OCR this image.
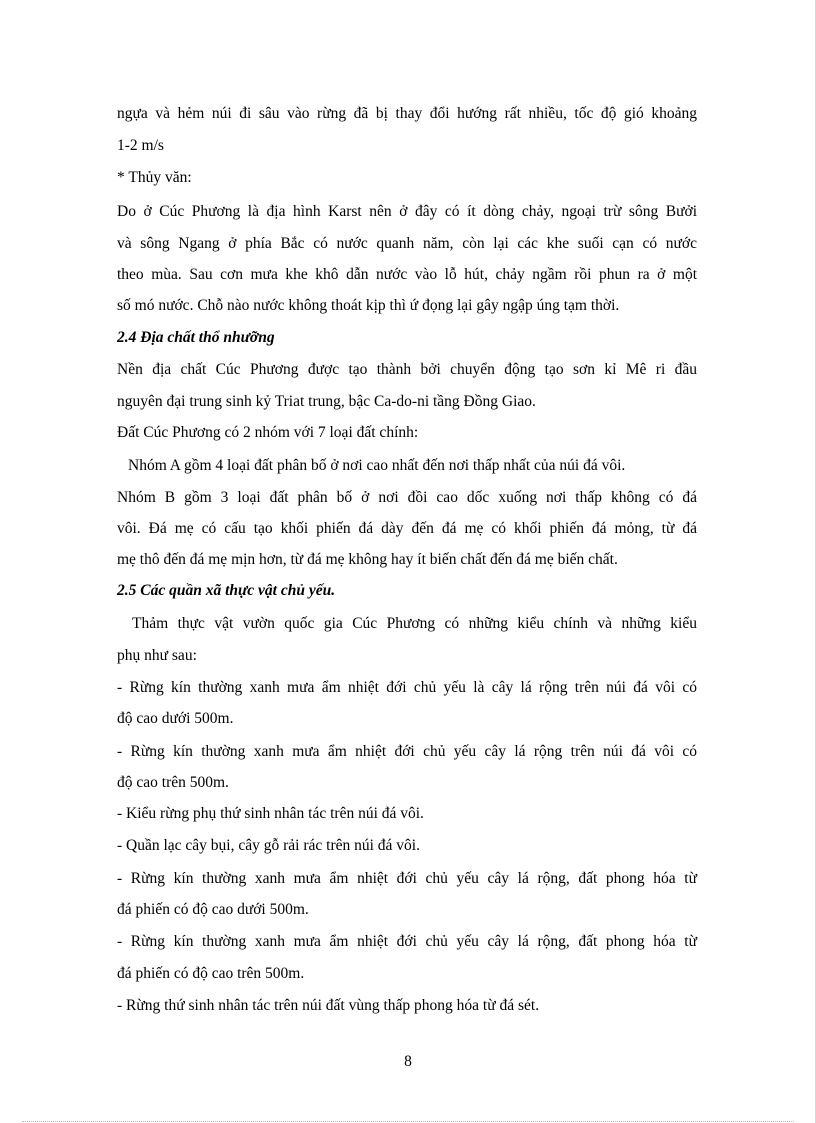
ngựa và hẻm núi đi sâu vào rừng đã bị thay đổi hướng rất nhiều, tốc độ gió khoảng
1-2 m/s
* Thủy văn:
Do ở Cúc Phương là địa hình Karst nên ở đây có ít dòng chảy, ngoại trừ sông Bưởi
và sông Ngang ở phía Bắc có nước quanh năm, còn lại các khe suối cạn có nước
theo mùa. Sau cơn mưa khe khô dẫn nước vào lỗ hút, chảy ngầm rồi phun ra ở một
số mó nước. Chỗ nào nước không thoát kịp thì ứ đọng lại gây ngập úng tạm thời.
2.4 Địa chất thổ nhưỡng
Nền địa chất Cúc Phương được tạo thành bởi chuyển động tạo sơn kỉ Mê ri đầu
nguyên đại trung sinh kỷ Triat trung, bậc Ca-do-ni tầng Đồng Giao.
Đất Cúc Phương có 2 nhóm với 7 loại đất chính:
Nhóm A gồm 4 loại đất phân bố ở nơi cao nhất đến nơi thấp nhất của núi đá vôi.
Nhóm B gồm 3 loại đất phân bố ở nơi đồi cao dốc xuống nơi thấp không có đá
vôi. Đá mẹ có cấu tạo khối phiến đá dày đến đá mẹ có khối phiến đá mỏng, từ đá
mẹ thô đến đá mẹ mịn hơn, từ đá mẹ không hay ít biến chất đến đá mẹ biến chất.
2.5 Các quần xã thực vật chủ yếu.
Thảm thực vật vườn quốc gia Cúc Phương có những kiểu chính và những kiểu
phụ như sau:
- Rừng kín thường xanh mưa ẩm nhiệt đới chủ yếu là cây lá rộng trên núi đá vôi có
độ cao dưới 500m.
- Rừng kín thường xanh mưa ẩm nhiệt đới chủ yếu cây lá rộng trên núi đá vôi có
độ cao trên 500m.
- Kiểu rừng phụ thứ sinh nhân tác trên núi đá vôi.
- Quần lạc cây bụi, cây gỗ rải rác trên núi đá vôi.
- Rừng kín thường xanh mưa ẩm nhiệt đới chủ yếu cây lá rộng, đất phong hóa từ
đá phiến có độ cao dưới 500m.
- Rừng kín thường xanh mưa ẩm nhiệt đới chủ yếu cây lá rộng, đất phong hóa từ
đá phiến có độ cao trên 500m.
- Rừng thứ sinh nhân tác trên núi đất vùng thấp phong hóa từ đá sét.
8
